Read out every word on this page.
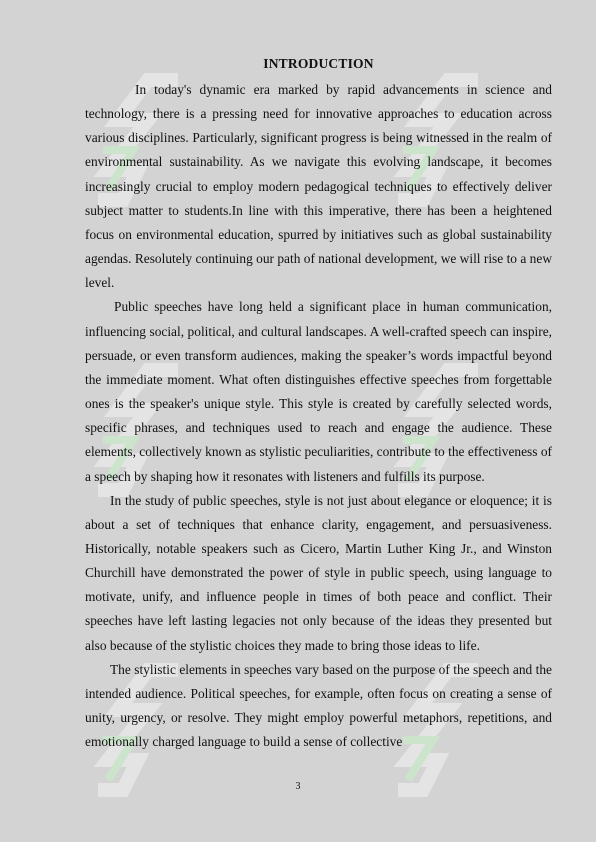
INTRODUCTION

In today's dynamic era marked by rapid advancements in science and technology, there is a pressing need for innovative approaches to education across various disciplines. Particularly, significant progress is being witnessed in the realm of environmental sustainability. As we navigate this evolving landscape, it becomes increasingly crucial to employ modern pedagogical techniques to effectively deliver subject matter to students.In line with this imperative, there has been a heightened focus on environmental education, spurred by initiatives such as global sustainability agendas. Resolutely continuing our path of national development, we will rise to a new level.

Public speeches have long held a significant place in human communication, influencing social, political, and cultural landscapes. A well-crafted speech can inspire, persuade, or even transform audiences, making the speaker’s words impactful beyond the immediate moment. What often distinguishes effective speeches from forgettable ones is the speaker's unique style. This style is created by carefully selected words, specific phrases, and techniques used to reach and engage the audience. These elements, collectively known as stylistic peculiarities, contribute to the effectiveness of a speech by shaping how it resonates with listeners and fulfills its purpose.

In the study of public speeches, style is not just about elegance or eloquence; it is about a set of techniques that enhance clarity, engagement, and persuasiveness. Historically, notable speakers such as Cicero, Martin Luther King Jr., and Winston Churchill have demonstrated the power of style in public speech, using language to motivate, unify, and influence people in times of both peace and conflict. Their speeches have left lasting legacies not only because of the ideas they presented but also because of the stylistic choices they made to bring those ideas to life.

The stylistic elements in speeches vary based on the purpose of the speech and the intended audience. Political speeches, for example, often focus on creating a sense of unity, urgency, or resolve. They might employ powerful metaphors, repetitions, and emotionally charged language to build a sense of collective

3
